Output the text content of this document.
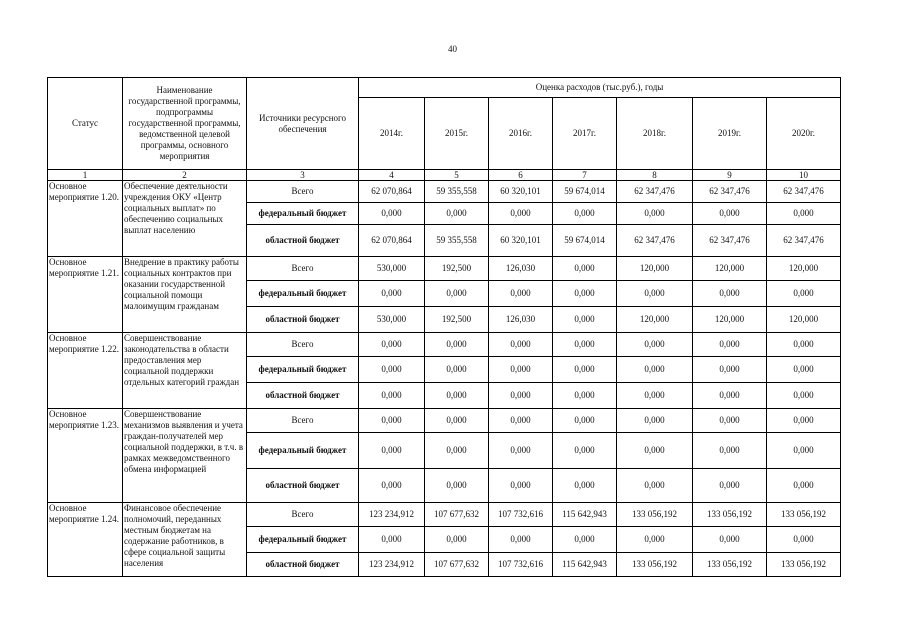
40
Статус	Наименование государственной программы, подпрограммы государственной программы, ведомственной целевой программы, основного мероприятия	Источники ресурсного обеспечения	Оценка расходов (тыс.руб.), годы						
			2014г.	2015г.	2016г.	2017г.	2018г.	2019г.	2020г.
1	2	3	4	5	6	7	8	9	10
Основное мероприятие 1.20.	Обеспечение деятельности учреждения ОКУ «Центр социальных выплат» по обеспечению социальных выплат населению	Всего	62 070,864	59 355,558	60 320,101	59 674,014	62 347,476	62 347,476	62 347,476
		федеральный бюджет	0,000	0,000	0,000	0,000	0,000	0,000	0,000
		областной бюджет	62 070,864	59 355,558	60 320,101	59 674,014	62 347,476	62 347,476	62 347,476
Основное мероприятие 1.21.	Внедрение в практику работы социальных контрактов при оказании государственной социальной помощи малоимущим гражданам	Всего	530,000	192,500	126,030	0,000	120,000	120,000	120,000
		федеральный бюджет	0,000	0,000	0,000	0,000	0,000	0,000	0,000
		областной бюджет	530,000	192,500	126,030	0,000	120,000	120,000	120,000
Основное мероприятие 1.22.	Совершенствование законодательства в области предоставления мер социальной поддержки отдельных категорий граждан	Всего	0,000	0,000	0,000	0,000	0,000	0,000	0,000
		федеральный бюджет	0,000	0,000	0,000	0,000	0,000	0,000	0,000
		областной бюджет	0,000	0,000	0,000	0,000	0,000	0,000	0,000
Основное мероприятие 1.23.	Совершенствование механизмов выявления и учета граждан-получателей мер социальной поддержки, в т.ч. в рамках межведомственного обмена информацией	Всего	0,000	0,000	0,000	0,000	0,000	0,000	0,000
		федеральный бюджет	0,000	0,000	0,000	0,000	0,000	0,000	0,000
		областной бюджет	0,000	0,000	0,000	0,000	0,000	0,000	0,000
Основное мероприятие 1.24.	Финансовое обеспечение полномочий, переданных местным бюджетам на содержание работников, в сфере социальной защиты населения	Всего	123 234,912	107 677,632	107 732,616	115 642,943	133 056,192	133 056,192	133 056,192
		федеральный бюджет	0,000	0,000	0,000	0,000	0,000	0,000	0,000
		областной бюджет	123 234,912	107 677,632	107 732,616	115 642,943	133 056,192	133 056,192	133 056,192
